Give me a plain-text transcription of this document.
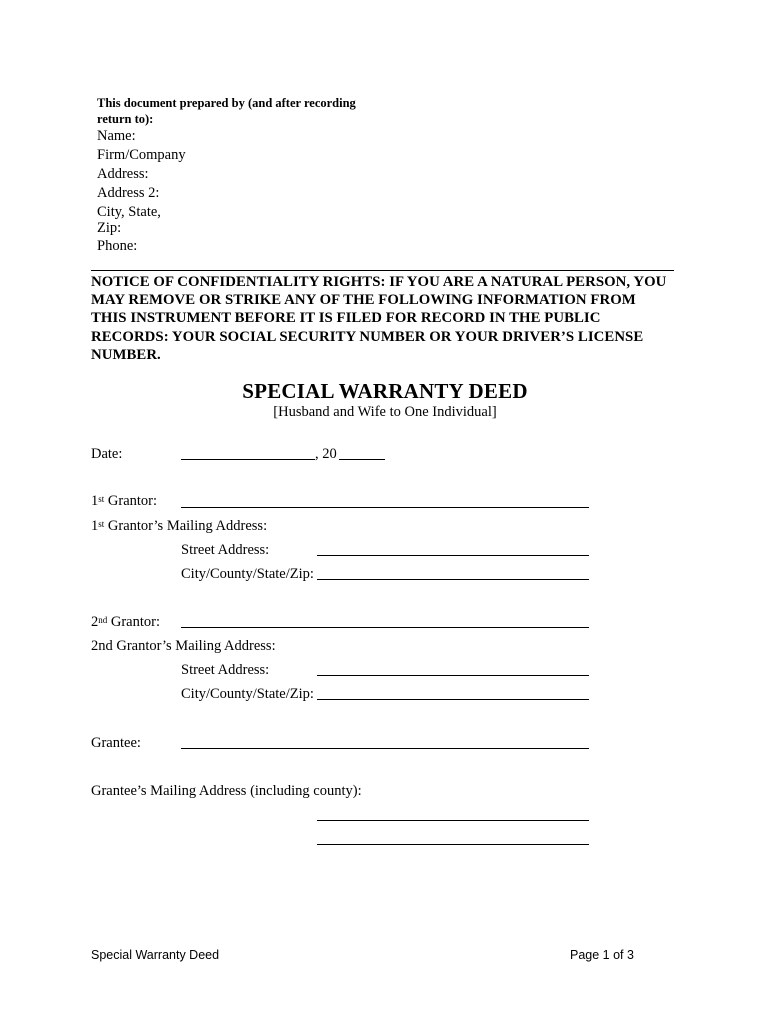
This document prepared by (and after recording return to):
Name:
Firm/Company
Address:
Address 2:
City, State,
Zip:
Phone:
NOTICE OF CONFIDENTIALITY RIGHTS: IF YOU ARE A NATURAL PERSON, YOU MAY REMOVE OR STRIKE ANY OF THE FOLLOWING INFORMATION FROM THIS INSTRUMENT BEFORE IT IS FILED FOR RECORD IN THE PUBLIC RECORDS: YOUR SOCIAL SECURITY NUMBER OR YOUR DRIVER’S LICENSE NUMBER.
SPECIAL WARRANTY DEED
[Husband and Wife to One Individual]
Date:	, 20
1st Grantor:
1st Grantor’s Mailing Address:
Street Address:
City/County/State/Zip:
2nd Grantor:
2nd Grantor’s Mailing Address:
Street Address:
City/County/State/Zip:
Grantee:
Grantee’s Mailing Address (including county):
Special Warranty Deed	Page 1 of 3
